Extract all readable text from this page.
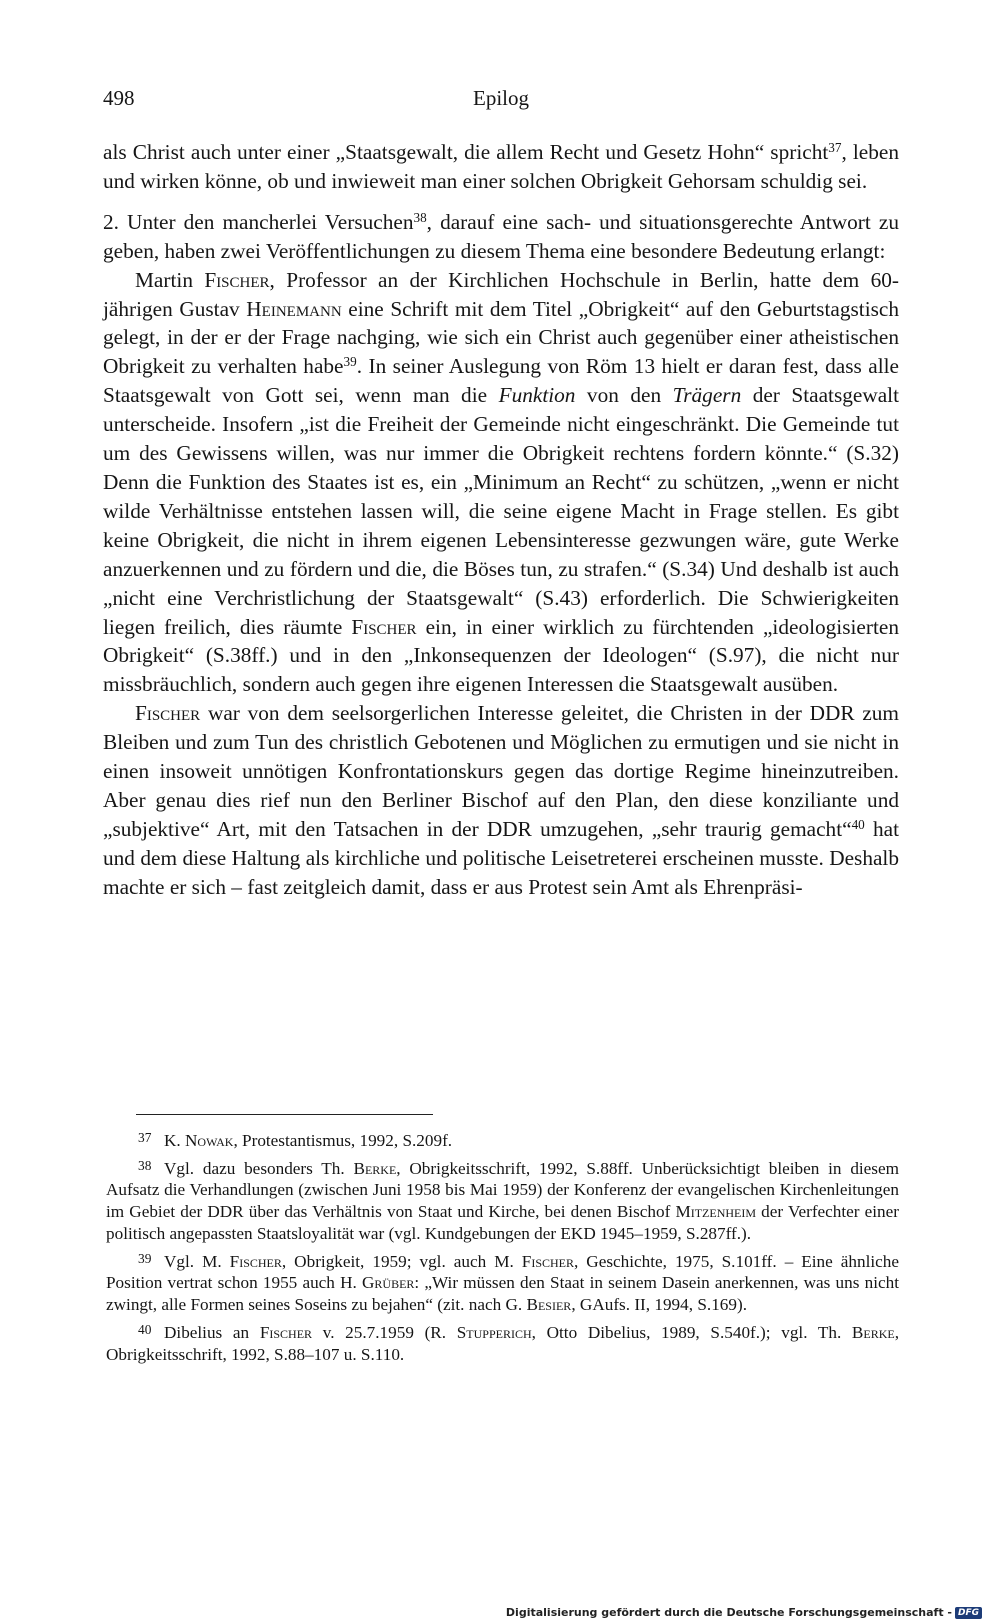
498	Epilog

als Christ auch unter einer „Staatsgewalt, die allem Recht und Gesetz Hohn“ spricht$^{37}$, leben und wirken könne, ob und inwieweit man einer solchen Obrigkeit Gehorsam schuldig sei.

2. Unter den mancherlei Versuchen$^{38}$, darauf eine sach- und situationsgerechte Antwort zu geben, haben zwei Veröffentlichungen zu diesem Thema eine besondere Bedeutung erlangt:

Martin Fischer, Professor an der Kirchlichen Hochschule in Berlin, hatte dem 60-jährigen Gustav Heinemann eine Schrift mit dem Titel „Obrigkeit“ auf den Geburtstagstisch gelegt, in der er der Frage nachging, wie sich ein Christ auch gegenüber einer atheistischen Obrigkeit zu verhalten habe$^{39}$. In seiner Auslegung von Röm 13 hielt er daran fest, dass alle Staatsgewalt von Gott sei, wenn man die Funktion von den Trägern der Staatsgewalt unterscheide. Insofern „ist die Freiheit der Gemeinde nicht eingeschränkt. Die Gemeinde tut um des Gewissens willen, was nur immer die Obrigkeit rechtens fordern könnte.“ (S.32) Denn die Funktion des Staates ist es, ein „Minimum an Recht“ zu schützen, „wenn er nicht wilde Verhältnisse entstehen lassen will, die seine eigene Macht in Frage stellen. Es gibt keine Obrigkeit, die nicht in ihrem eigenen Lebensinteresse gezwungen wäre, gute Werke anzuerkennen und zu fördern und die, die Böses tun, zu strafen.“ (S.34) Und deshalb ist auch „nicht eine Verchristlichung der Staatsgewalt“ (S.43) erforderlich. Die Schwierigkeiten liegen freilich, dies räumte Fischer ein, in einer wirklich zu fürchtenden „ideologisierten Obrigkeit“ (S.38ff.) und in den „Inkonsequenzen der Ideologen“ (S.97), die nicht nur missbräuchlich, sondern auch gegen ihre eigenen Interessen die Staatsgewalt ausüben.

Fischer war von dem seelsorgerlichen Interesse geleitet, die Christen in der DDR zum Bleiben und zum Tun des christlich Gebotenen und Möglichen zu ermutigen und sie nicht in einen insoweit unnötigen Konfrontationskurs gegen das dortige Regime hineinzutreiben. Aber genau dies rief nun den Berliner Bischof auf den Plan, den diese konziliante und „subjektive“ Art, mit den Tatsachen in der DDR umzugehen, „sehr traurig gemacht“$^{40}$ hat und dem diese Haltung als kirchliche und politische Leisetreterei erscheinen musste. Deshalb machte er sich – fast zeitgleich damit, dass er aus Protest sein Amt als Ehrenpräsi-

37 K. Nowak, Protestantismus, 1992, S.209f.

38 Vgl. dazu besonders Th. Berke, Obrigkeitsschrift, 1992, S.88ff. Unberücksichtigt bleiben in diesem Aufsatz die Verhandlungen (zwischen Juni 1958 bis Mai 1959) der Konferenz der evangelischen Kirchenleitungen im Gebiet der DDR über das Verhältnis von Staat und Kirche, bei denen Bischof Mitzenheim der Verfechter einer politisch angepassten Staatsloyalität war (vgl. Kundgebungen der EKD 1945–1959, S.287ff.).

39 Vgl. M. Fischer, Obrigkeit, 1959; vgl. auch M. Fischer, Geschichte, 1975, S.101ff. – Eine ähnliche Position vertrat schon 1955 auch H. Grüber: „Wir müssen den Staat in seinem Dasein anerkennen, was uns nicht zwingt, alle Formen seines Soseins zu bejahen“ (zit. nach G. Besier, GAufs. II, 1994, S.169).

40 Dibelius an Fischer v. 25.7.1959 (R. Stupperich, Otto Dibelius, 1989, S.540f.); vgl. Th. Berke, Obrigkeitsschrift, 1992, S.88–107 u. S.110.

Digitalisierung gefördert durch die Deutsche Forschungsgemeinschaft - DFG
